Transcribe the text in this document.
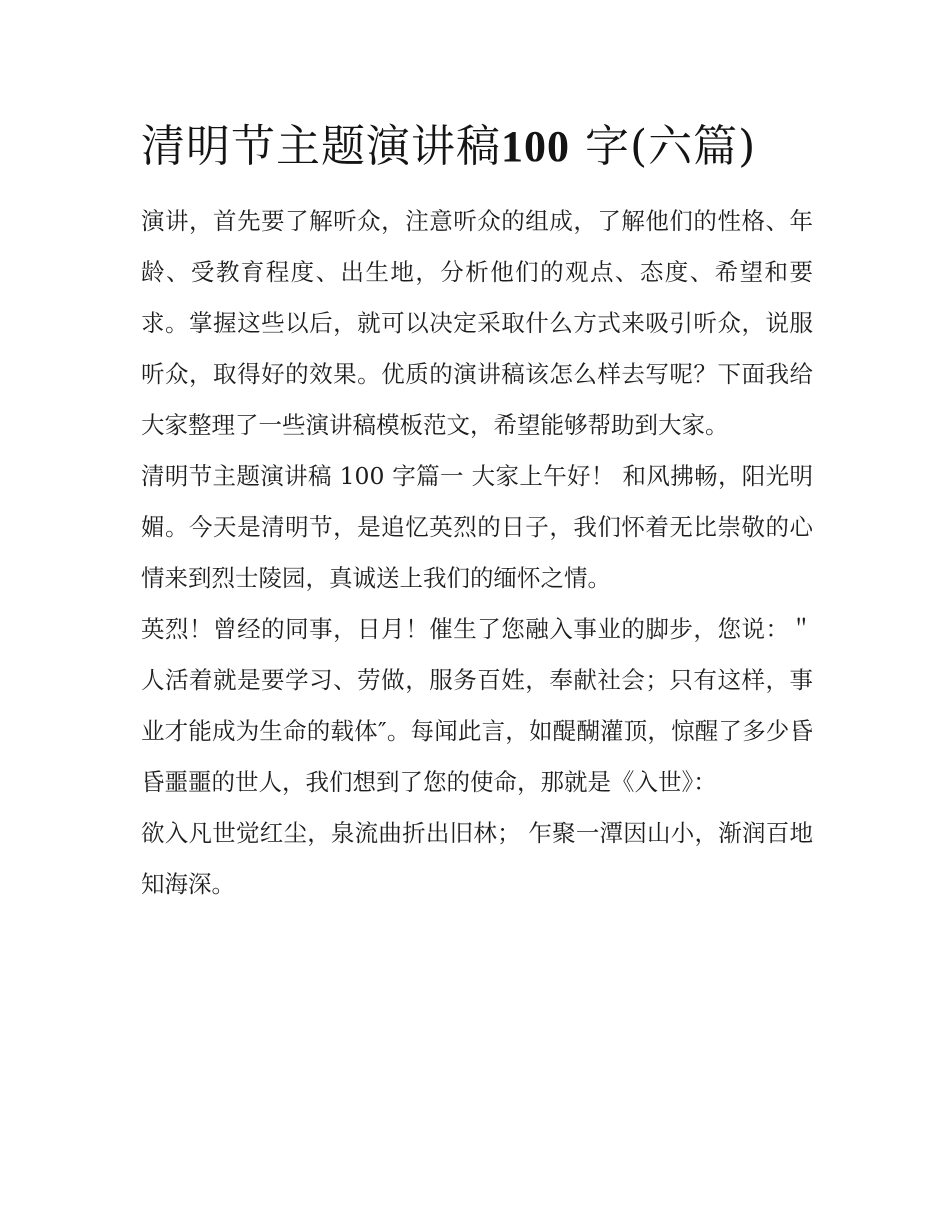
清明节主题演讲稿100 字(六篇)

演讲，首先要了解听众，注意听众的组成，了解他们的性格、年龄、受教育程度、出生地，分析他们的观点、态度、希望和要求。掌握这些以后，就可以决定采取什么方式来吸引听众，说服听众，取得好的效果。优质的演讲稿该怎么样去写呢？下面我给大家整理了一些演讲稿模板范文，希望能够帮助到大家。

清明节主题演讲稿 100 字篇一 大家上午好！ 和风拂畅，阳光明媚。今天是清明节，是追忆英烈的日子，我们怀着无比崇敬的心情来到烈士陵园，真诚送上我们的缅怀之情。

英烈！曾经的同事，日月！催生了您融入事业的脚步，您说：＂人活着就是要学习、劳做，服务百姓，奉献社会；只有这样，事业才能成为生命的载体″。每闻此言，如醍醐灌顶，惊醒了多少昏昏噩噩的世人，我们想到了您的使命，那就是《入世》：

欲入凡世觉红尘，泉流曲折出旧林； 乍聚一潭因山小，渐润百地知海深。
